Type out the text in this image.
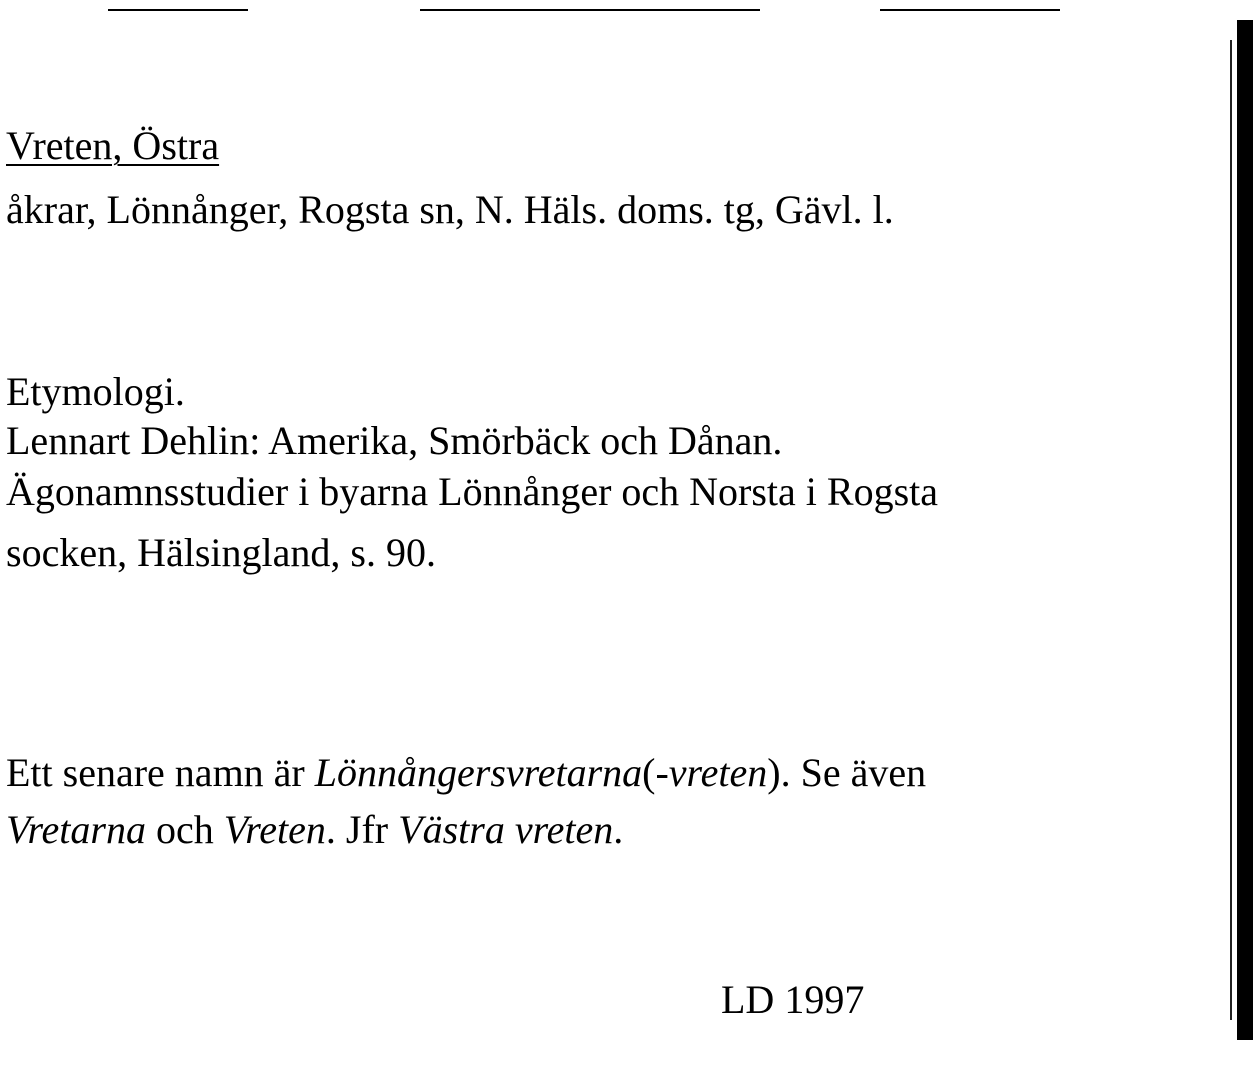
Vreten, Östra
åkrar, Lönnånger, Rogsta sn, N. Häls. doms. tg, Gävl. l.
Etymologi.
Lennart Dehlin: Amerika, Smörbäck och Dånan.
Ägonamnsstudier i byarna Lönnånger och Norsta i Rogsta
socken, Hälsingland, s. 90.
Ett senare namn är Lönnångersvretarna(-vreten). Se även
Vretarna och Vreten. Jfr Västra vreten.
LD 1997
